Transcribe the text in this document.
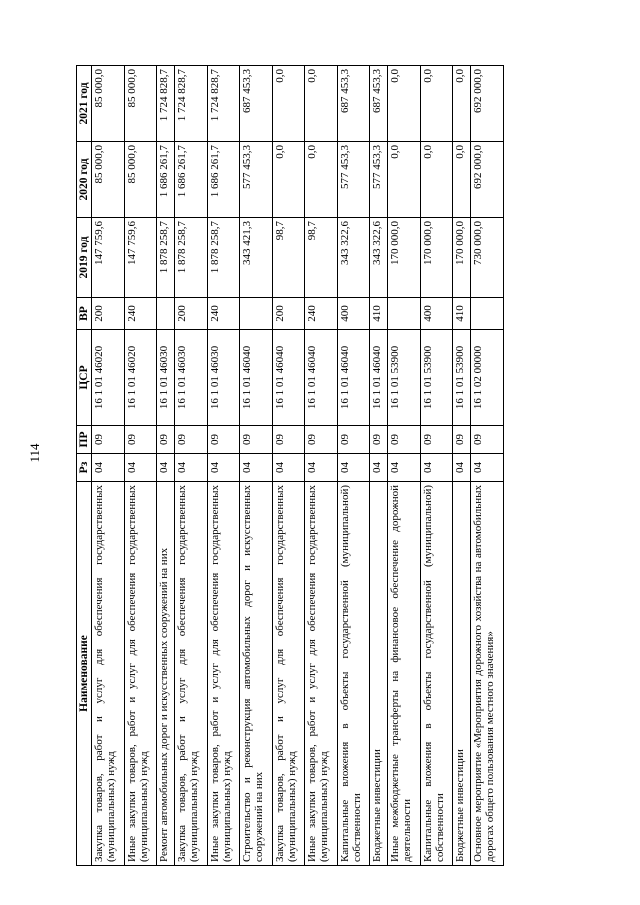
114
Наименование	Рз	ПР	ЦСР	ВР	2019 год	2020 год	2021 год
Закупка товаров, работ и услуг для обеспечения государственных (муниципальных) нужд	04	09	16 1 01 46020	200	147 759,6	85 000,0	85 000,0
Иные закупки товаров, работ и услуг для обеспечения государственных (муниципальных) нужд	04	09	16 1 01 46020	240	147 759,6	85 000,0	85 000,0
Ремонт автомобильных дорог и искусственных сооружений на них	04	09	16 1 01 46030		1 878 258,7	1 686 261,7	1 724 828,7
Закупка товаров, работ и услуг для обеспечения государственных (муниципальных) нужд	04	09	16 1 01 46030	200	1 878 258,7	1 686 261,7	1 724 828,7
Иные закупки товаров, работ и услуг для обеспечения государственных (муниципальных) нужд	04	09	16 1 01 46030	240	1 878 258,7	1 686 261,7	1 724 828,7
Строительство и реконструкция автомобильных дорог и искусственных сооружений на них	04	09	16 1 01 46040		343 421,3	577 453,3	687 453,3
Закупка товаров, работ и услуг для обеспечения государственных (муниципальных) нужд	04	09	16 1 01 46040	200	98,7	0,0	0,0
Иные закупки товаров, работ и услуг для обеспечения государственных (муниципальных) нужд	04	09	16 1 01 46040	240	98,7	0,0	0,0
Капитальные вложения в объекты государственной (муниципальной) собственности	04	09	16 1 01 46040	400	343 322,6	577 453,3	687 453,3
Бюджетные инвестиции	04	09	16 1 01 46040	410	343 322,6	577 453,3	687 453,3
Иные межбюджетные трансферты на финансовое обеспечение дорожной деятельности	04	09	16 1 01 53900		170 000,0	0,0	0,0
Капитальные вложения в объекты государственной (муниципальной) собственности	04	09	16 1 01 53900	400	170 000,0	0,0	0,0
Бюджетные инвестиции	04	09	16 1 01 53900	410	170 000,0	0,0	0,0
Основное мероприятие «Мероприятия дорожного хозяйства на автомобильных дорогах общего пользования местного значения»	04	09	16 1 02 00000		730 000,0	692 000,0	692 000,0
